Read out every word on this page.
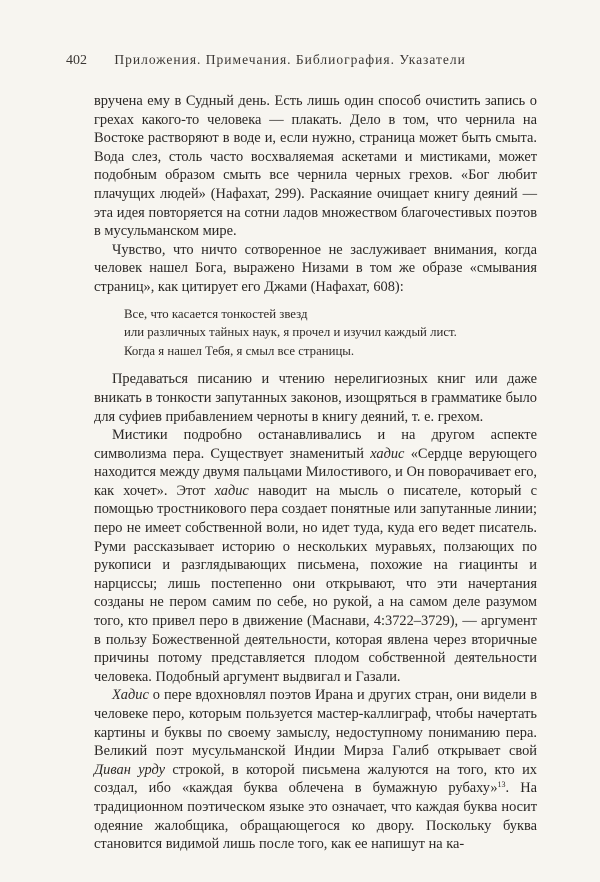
402 Приложения. Примечания. Библиография. Указатели

вручена ему в Судный день. Есть лишь один способ очистить запись о грехах какого-то человека — плакать. Дело в том, что чернила на Востоке растворяют в воде и, если нужно, страница может быть смыта. Вода слез, столь часто восхваляемая аскетами и мистиками, может подобным образом смыть все чернила черных грехов. «Бог любит плачущих людей» (Нафахат, 299). Раскаяние очищает книгу деяний — эта идея повторяется на сотни ладов множеством благочестивых поэтов в мусульманском мире.

Чувство, что ничто сотворенное не заслуживает внимания, когда человек нашел Бога, выражено Низами в том же образе «смывания страниц», как цитирует его Джами (Нафахат, 608):

Все, что касается тонкостей звезд
или различных тайных наук, я прочел и изучил каждый лист.
Когда я нашел Тебя, я смыл все страницы.

Предаваться писанию и чтению нерелигиозных книг или даже вникать в тонкости запутанных законов, изощряться в грамматике было для суфиев прибавлением черноты в книгу деяний, т. е. грехом.

Мистики подробно останавливались и на другом аспекте символизма пера. Существует знаменитый хадис «Сердце верующего находится между двумя пальцами Милостивого, и Он поворачивает его, как хочет». Этот хадис наводит на мысль о писателе, который с помощью тростникового пера создает понятные или запутанные линии; перо не имеет собственной воли, но идет туда, куда его ведет писатель. Руми рассказывает историю о нескольких муравьях, ползающих по рукописи и разглядывающих письмена, похожие на гиацинты и нарциссы; лишь постепенно они открывают, что эти начертания созданы не пером самим по себе, но рукой, а на самом деле разумом того, кто привел перо в движение (Маснави, 4:3722–3729), — аргумент в пользу Божественной деятельности, которая явлена через вторичные причины потому представляется плодом собственной деятельности человека. Подобный аргумент выдвигал и Газали.

Хадис о пере вдохновлял поэтов Ирана и других стран, они видели в человеке перо, которым пользуется мастер-каллиграф, чтобы начертать картины и буквы по своему замыслу, недоступному пониманию пера. Великий поэт мусульманской Индии Мирза Галиб открывает свой Диван урду строкой, в которой письмена жалуются на того, кто их создал, ибо «каждая буква облечена в бумажную рубаху»$^{13}$. На традиционном поэтическом языке это означает, что каждая буква носит одеяние жалобщика, обращающегося ко двору. Поскольку буква становится видимой лишь после того, как ее напишут на ка-
